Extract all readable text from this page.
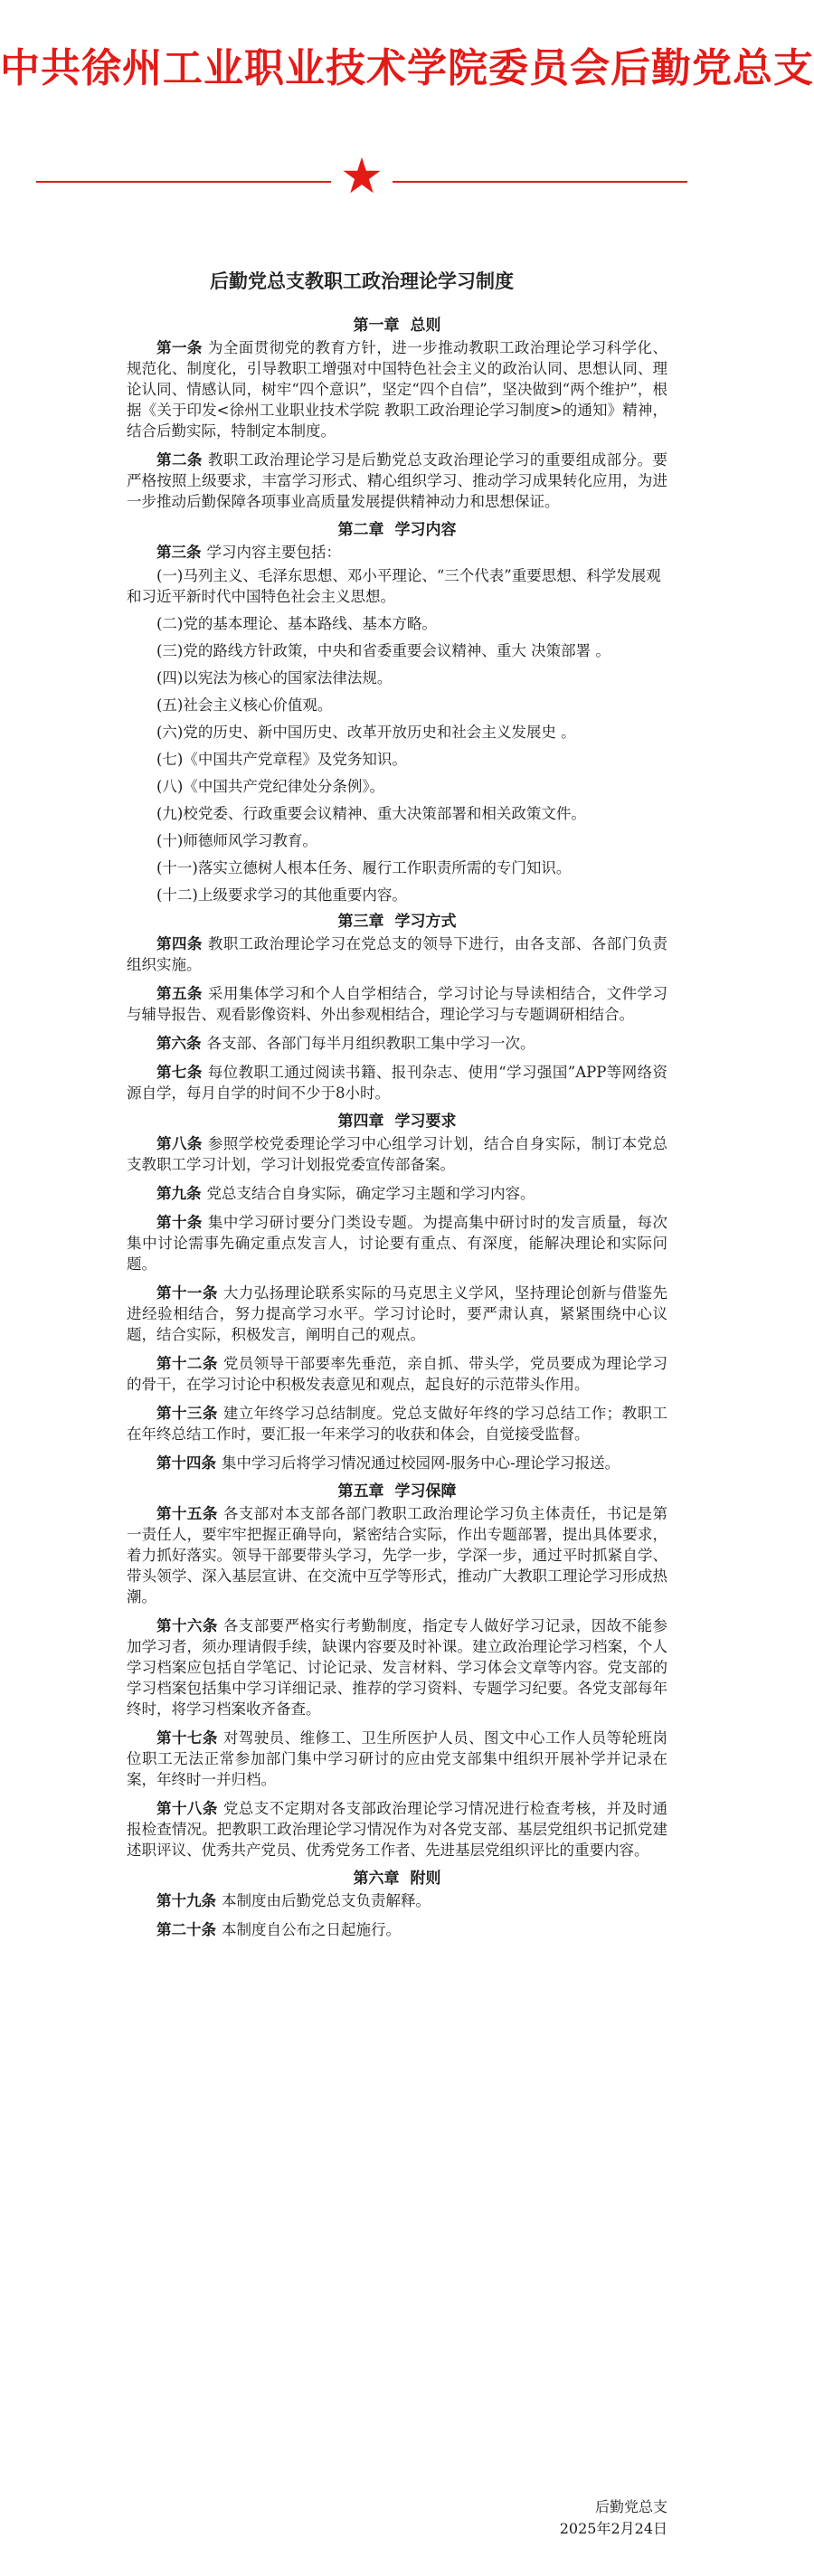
中共徐州工业职业技术学院委员会后勤党总支
后勤党总支教职工政治理论学习制度
第一章 总则

第一条 为全面贯彻党的教育方针，进一步推动教职工政治理论学习科学化、规范化、制度化，引导教职工增强对中国特色社会主义的政治认同、思想认同、理论认同、情感认同，树牢“四个意识”，坚定“四个自信”，坚决做到“两个维护”，根据《关于印发<徐州工业职业技术学院 教职工政治理论学习制度>的通知》精神，结合后勤实际，特制定本制度。

第二条 教职工政治理论学习是后勤党总支政治理论学习的重要组成部分。要严格按照上级要求，丰富学习形式、精心组织学习、推动学习成果转化应用，为进一步推动后勤保障各项事业高质量发展提供精神动力和思想保证。

第二章 学习内容

第三条 学习内容主要包括：

(一)马列主义、毛泽东思想、邓小平理论、“三个代表”重要思想、科学发展观和习近平新时代中国特色社会主义思想。

(二)党的基本理论、基本路线、基本方略。

(三)党的路线方针政策，中央和省委重要会议精神、重大 决策部署 。

(四)以宪法为核心的国家法律法规。

(五)社会主义核心价值观。

(六)党的历史、新中国历史、改革开放历史和社会主义发展史 。

(七)《中国共产党章程》及党务知识。

(八)《中国共产党纪律处分条例》。

(九)校党委、行政重要会议精神、重大决策部署和相关政策文件。

(十)师德师风学习教育。

(十一)落实立德树人根本任务、履行工作职责所需的专门知识。

(十二)上级要求学习的其他重要内容。

第三章 学习方式

第四条 教职工政治理论学习在党总支的领导下进行，由各支部、各部门负责组织实施。

第五条 采用集体学习和个人自学相结合，学习讨论与导读相结合，文件学习与辅导报告、观看影像资料、外出参观相结合，理论学习与专题调研相结合。

第六条 各支部、各部门每半月组织教职工集中学习一次。

第七条 每位教职工通过阅读书籍、报刊杂志、使用“学习强国”APP等网络资源自学，每月自学的时间不少于8小时。

第四章 学习要求

第八条 参照学校党委理论学习中心组学习计划，结合自身实际，制订本党总支教职工学习计划，学习计划报党委宣传部备案。

第九条 党总支结合自身实际，确定学习主题和学习内容。

第十条 集中学习研讨要分门类设专题。为提高集中研讨时的发言质量，每次集中讨论需事先确定重点发言人，讨论要有重点、有深度，能解决理论和实际问题。

第十一条 大力弘扬理论联系实际的马克思主义学风，坚持理论创新与借鉴先进经验相结合，努力提高学习水平。学习讨论时，要严肃认真，紧紧围绕中心议题，结合实际，积极发言，阐明自己的观点。

第十二条 党员领导干部要率先垂范，亲自抓、带头学，党员要成为理论学习的骨干，在学习讨论中积极发表意见和观点，起良好的示范带头作用。

第十三条 建立年终学习总结制度。党总支做好年终的学习总结工作；教职工在年终总结工作时，要汇报一年来学习的收获和体会，自觉接受监督。

第十四条 集中学习后将学习情况通过校园网-服务中心-理论学习报送。

第五章 学习保障

第十五条 各支部对本支部各部门教职工政治理论学习负主体责任，书记是第一责任人，要牢牢把握正确导向，紧密结合实际，作出专题部署，提出具体要求，着力抓好落实。领导干部要带头学习，先学一步，学深一步，通过平时抓紧自学、带头领学、深入基层宣讲、在交流中互学等形式，推动广大教职工理论学习形成热潮。

第十六条 各支部要严格实行考勤制度，指定专人做好学习记录，因故不能参加学习者，须办理请假手续，缺课内容要及时补课。建立政治理论学习档案，个人学习档案应包括自学笔记、讨论记录、发言材料、学习体会文章等内容。党支部的学习档案包括集中学习详细记录、推荐的学习资料、专题学习纪要。各党支部每年终时，将学习档案收齐备查。

第十七条 对驾驶员、维修工、卫生所医护人员、图文中心工作人员等轮班岗位职工无法正常参加部门集中学习研讨的应由党支部集中组织开展补学并记录在案，年终时一并归档。

第十八条 党总支不定期对各支部政治理论学习情况进行检查考核，并及时通报检查情况。把教职工政治理论学习情况作为对各党支部、基层党组织书记抓党建述职评议、优秀共产党员、优秀党务工作者、先进基层党组织评比的重要内容。

第六章 附则

第十九条 本制度由后勤党总支负责解释。

第二十条 本制度自公布之日起施行。

后勤党总支
2025年2月24日
